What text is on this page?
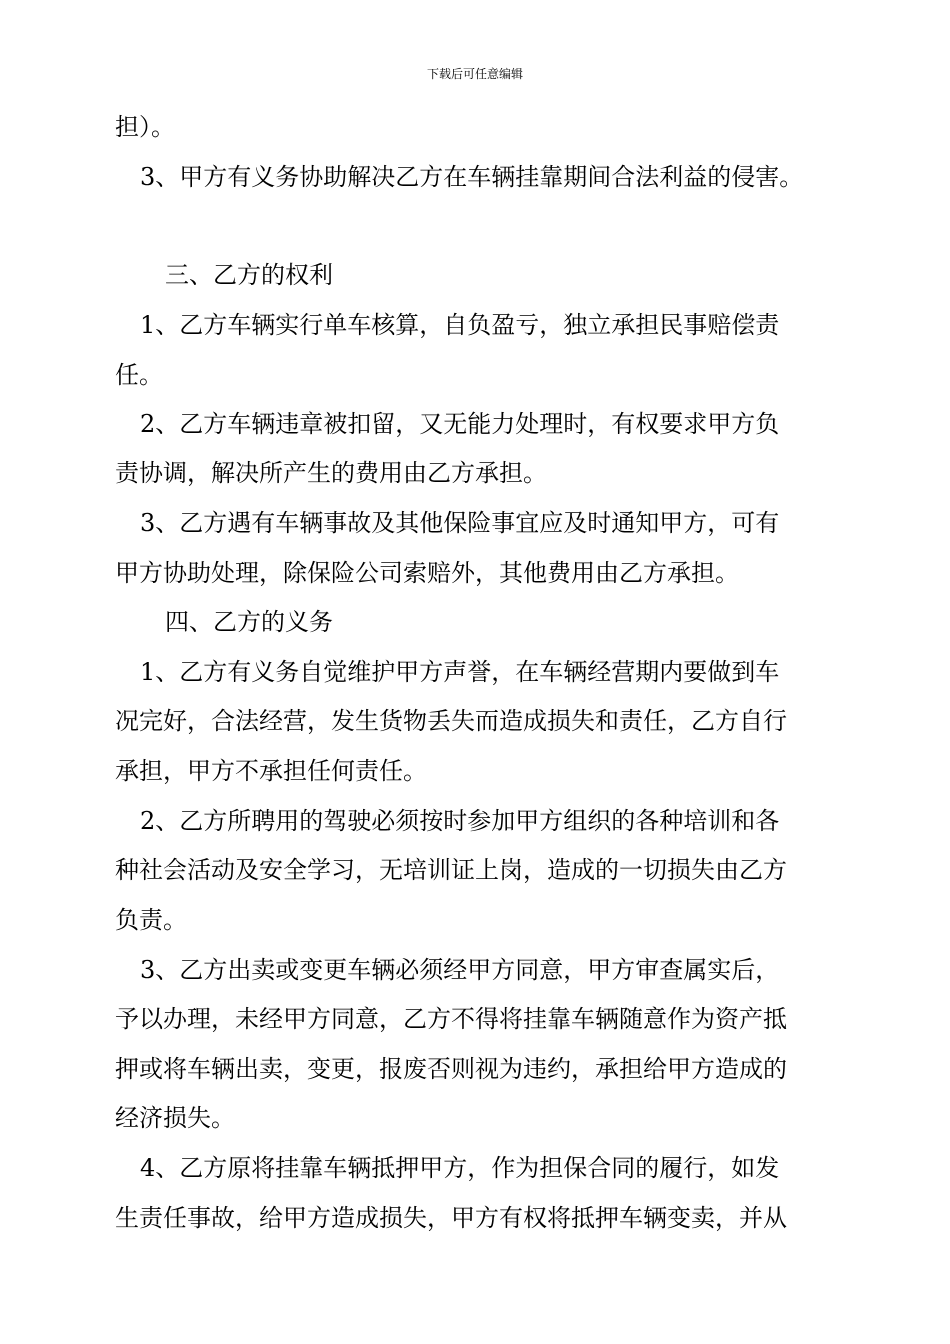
下载后可任意编辑
担）。
3、甲方有义务协助解决乙方在车辆挂靠期间合法利益的侵害。
三、乙方的权利
1、乙方车辆实行单车核算，自负盈亏，独立承担民事赔偿责
任。
2、乙方车辆违章被扣留，又无能力处理时，有权要求甲方负
责协调，解决所产生的费用由乙方承担。
3、乙方遇有车辆事故及其他保险事宜应及时通知甲方，可有
甲方协助处理，除保险公司索赔外，其他费用由乙方承担。
四、乙方的义务
1、乙方有义务自觉维护甲方声誉，在车辆经营期内要做到车
况完好，合法经营，发生货物丢失而造成损失和责任，乙方自行
承担，甲方不承担任何责任。
2、乙方所聘用的驾驶必须按时参加甲方组织的各种培训和各
种社会活动及安全学习，无培训证上岗，造成的一切损失由乙方
负责。
3、乙方出卖或变更车辆必须经甲方同意，甲方审查属实后，
予以办理，未经甲方同意，乙方不得将挂靠车辆随意作为资产抵
押或将车辆出卖，变更，报废否则视为违约，承担给甲方造成的
经济损失。
4、乙方原将挂靠车辆抵押甲方，作为担保合同的履行，如发
生责任事故，给甲方造成损失，甲方有权将抵押车辆变卖，并从
